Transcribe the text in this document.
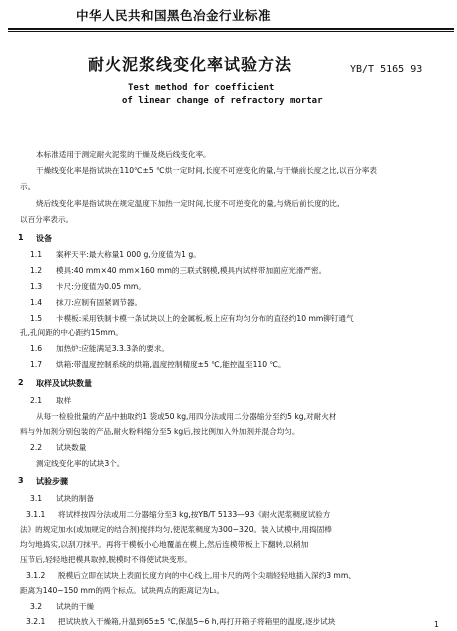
中华人民共和国黑色冶金行业标准
耐火泥浆线变化率试验方法	YB/T 5165 93
Test method for coefficient
of linear change of refractory mortar
本标准适用于测定耐火泥浆的干燥及烧后线变化率。
干燥线变化率是指试块在110℃±5 ℃烘一定时间,长度不可逆变化的量,与干燥前长度之比,以百分率表
示。
烧后线变化率是指试块在规定温度下加热一定时间,长度不可逆变化的量,与烧后前长度的比,
以百分率表示。
1 设备
1.1 案秤天平:最大称量1 000 g,分度值为1 g。
1.2 模具:40 mm×40 mm×160 mm的三联式钢模,模具内试样带加面应光滑严密。
1.3 卡尺:分度值为0.05 mm。
1.4 抹刀:应制有固紧调节器。
1.5 卡模板:采用铁制卡模一条试块以上的金属板,板上应有均匀分布的直径约10 mm铆钉通气
孔,孔间距的中心距约15mm。
1.6 加热炉:应能满足3.3.3条的要求。
1.7 烘箱:带温度控制系统的烘箱,温度控制精度±5 ℃,能控温至110 ℃。
2 取样及试块数量
2.1 取样
从每一检验批量的产品中抽取约1 袋或50 kg,用四分法或用二分器缩分至约5 kg,对耐火材
料与外加剂分别包装的产品,耐火粉料缩分至5 kg后,按比例加入外加剂并混合均匀。
2.2 试块数量
测定线变化率的试块3个。
3 试验步骤
3.1 试块的制备
3.1.1 将试样按四分法或用二分器缩分至3 kg,按YB/T 5133—93《耐火泥浆稠度试验方
法》的规定加水(或加规定的结合剂)搅拌均匀,使泥浆稠度为300~320。装入试模中,用捣固棒
均匀地捣实,以刮刀抹平。再将干模板小心地覆盖在模上,然后连模带板上下翻转,以稍加
压节后,轻轻地把模具取掉,脱模时不得使试块变形。
3.1.2 脱模后立即在试块上表面长度方向的中心线上,用卡尺的两个尖端轻轻地插入深约3 mm、
距离为140~150 mm的两个标点。试块两点的距离记为L₁。
3.2 试块的干燥
3.2.1 把试块放入干燥箱,升温到65±5 ℃,保温5~6 h,再打开箱子将箱里的温度,逐步试块	1
